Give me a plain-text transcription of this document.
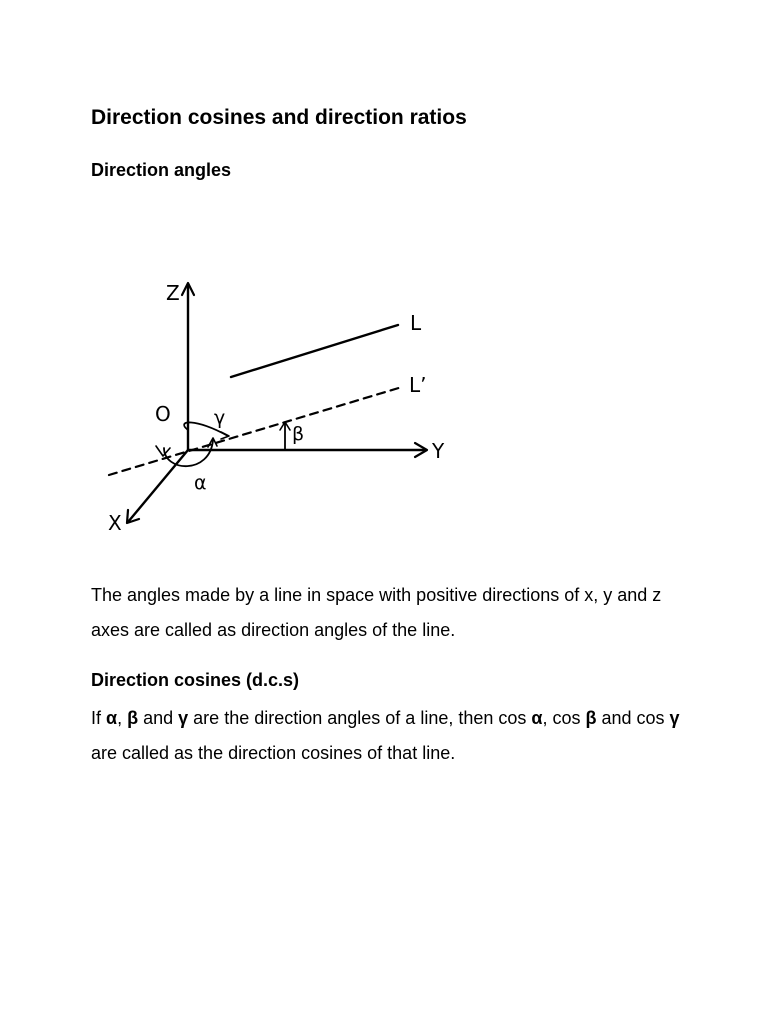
Direction cosines and direction ratios
Direction angles
Z
Y
X
O
L
L’
γ
β
α

The angles made by a line in space with positive directions of x, y and z axes are called as direction angles of the line.

Direction cosines (d.c.s)

If α, β and γ are the direction angles of a line, then cos α, cos β and cos γ are called as the direction cosines of that line.
